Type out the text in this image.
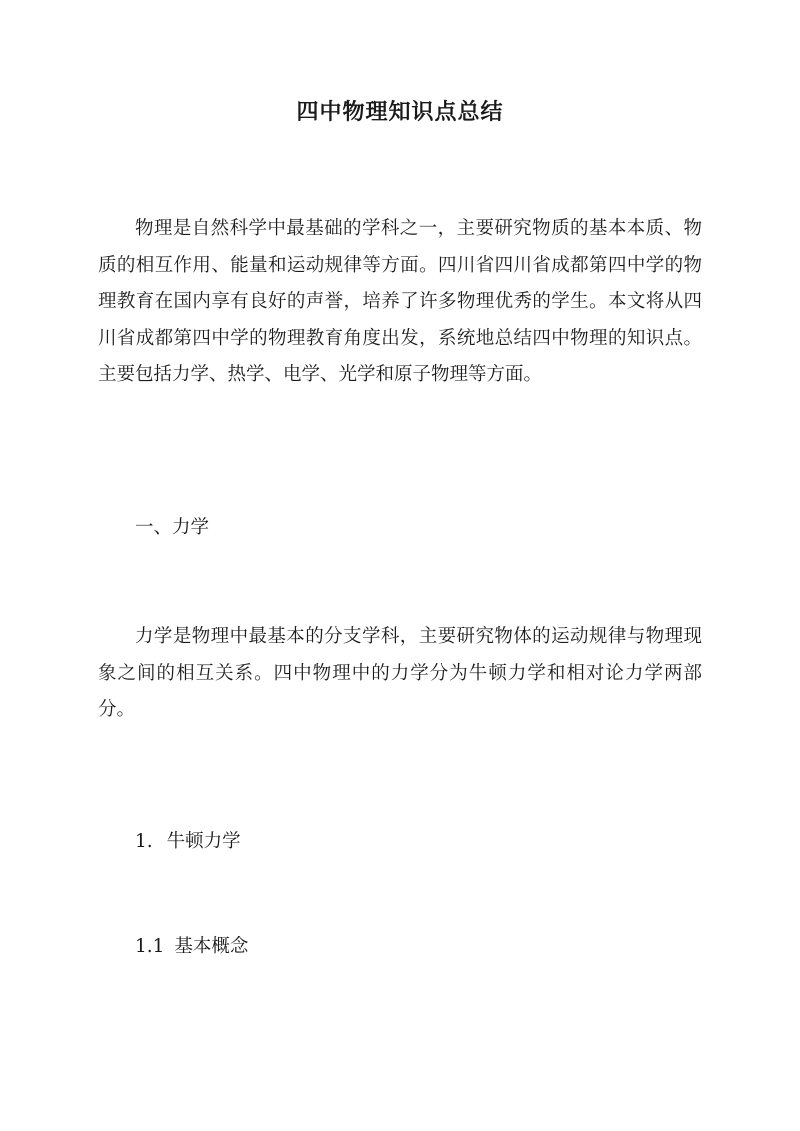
四中物理知识点总结

物理是自然科学中最基础的学科之一，主要研究物质的基本本质、物质的相互作用、能量和运动规律等方面。四川省四川省成都第四中学的物理教育在国内享有良好的声誉，培养了许多物理优秀的学生。本文将从四川省成都第四中学的物理教育角度出发，系统地总结四中物理的知识点。主要包括力学、热学、电学、光学和原子物理等方面。

一、力学

力学是物理中最基本的分支学科，主要研究物体的运动规律与物理现象之间的相互关系。四中物理中的力学分为牛顿力学和相对论力学两部分。

1. 牛顿力学

1.1 基本概念
